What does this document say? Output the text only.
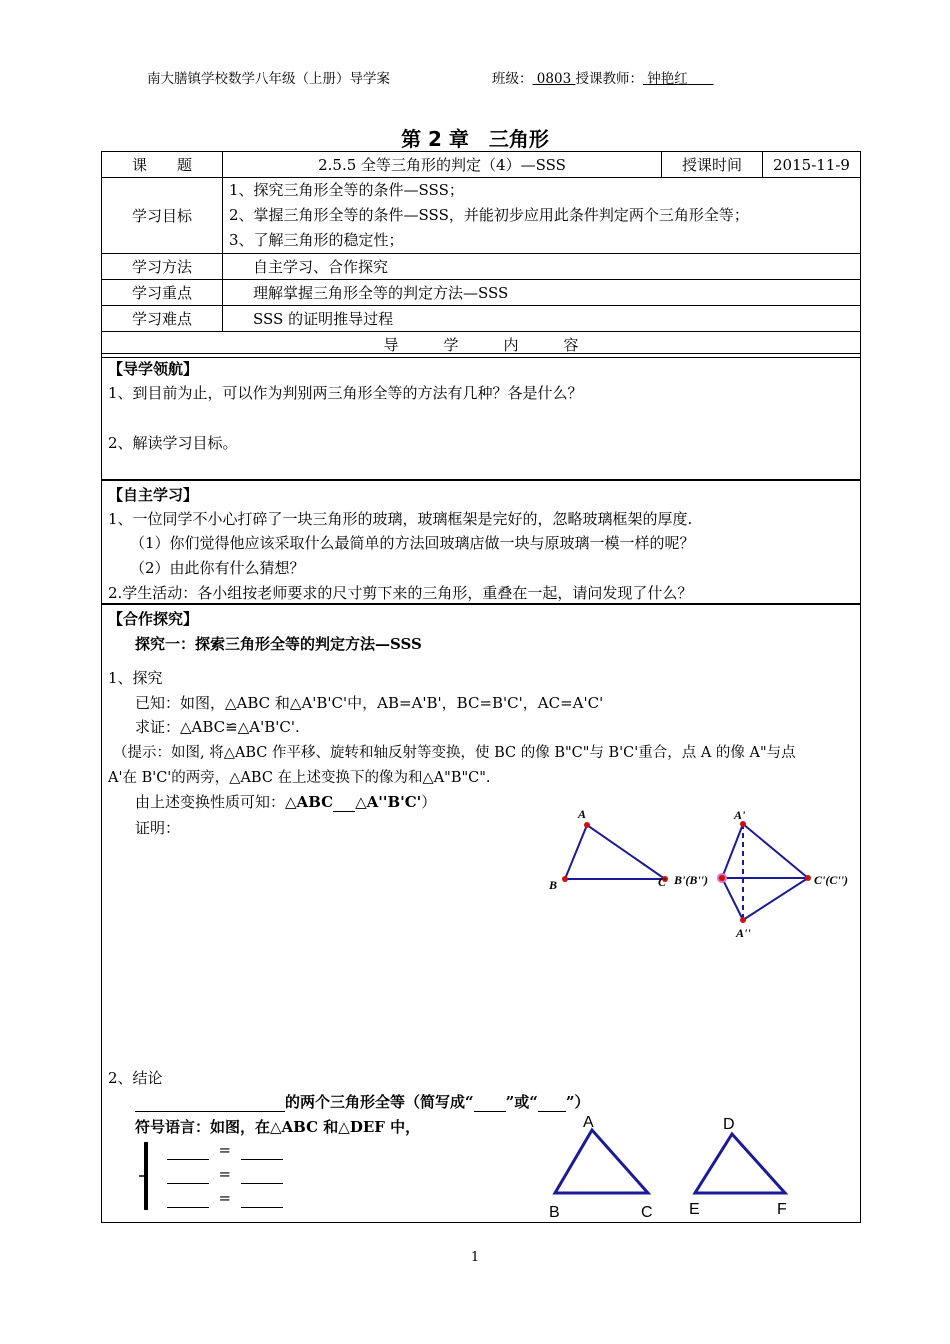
南大膳镇学校数学八年级（上册）导学案	班级： 0803 授课教师： 钟艳红
第 2 章　三角形
课　　题	2.5.5 全等三角形的判定（4）—SSS	授课时间	2015-11-9
学习目标	1、探究三角形全等的条件—SSS；
2、掌握三角形全等的条件—SSS，并能初步应用此条件判定两个三角形全等；
3、了解三角形的稳定性；		

学习方法	自主学习、合作探究		
学习重点	理解掌握三角形全等的判定方法—SSS		
学习难点	SSS 的证明推导过程		
导　　　学　　　内　　　容			
【导学领航】
1、到目前为止，可以作为判别两三角形全等的方法有几种？各是什么？
2、解读学习目标。
【自主学习】
1、一位同学不小心打碎了一块三角形的玻璃，玻璃框架是完好的，忽略玻璃框架的厚度.
（1）你们觉得他应该采取什么最简单的方法回玻璃店做一块与原玻璃一模一样的呢？
（2）由此你有什么猜想？
2.学生活动：各小组按老师要求的尺寸剪下来的三角形，重叠在一起，请问发现了什么？
【合作探究】
探究一：探索三角形全等的判定方法—SSS
1、探究
已知：如图，△ABC 和△A'B'C'中，AB=A'B'，BC=B'C'，AC=A'C'
求证：△ABC≌△A'B'C'.
（提示：如图, 将△ABC 作平移、旋转和轴反射等变换，使 BC 的像 B"C"与 B'C'重合，点 A 的像 A"与点
A'在 B'C'的两旁，△ABC 在上述变换下的像为和△A"B"C".
由上述变换性质可知：△ABC △A''B'C'）
证明：
A
B	C
A'
B'(B'')	C'(C'')
A''
2、结论
的两个三角形全等（简写成“ ”或“ ”）
符号语言：如图，在△ABC 和△DEF 中，
=
=
=
A
B	C
D
E	F
1
